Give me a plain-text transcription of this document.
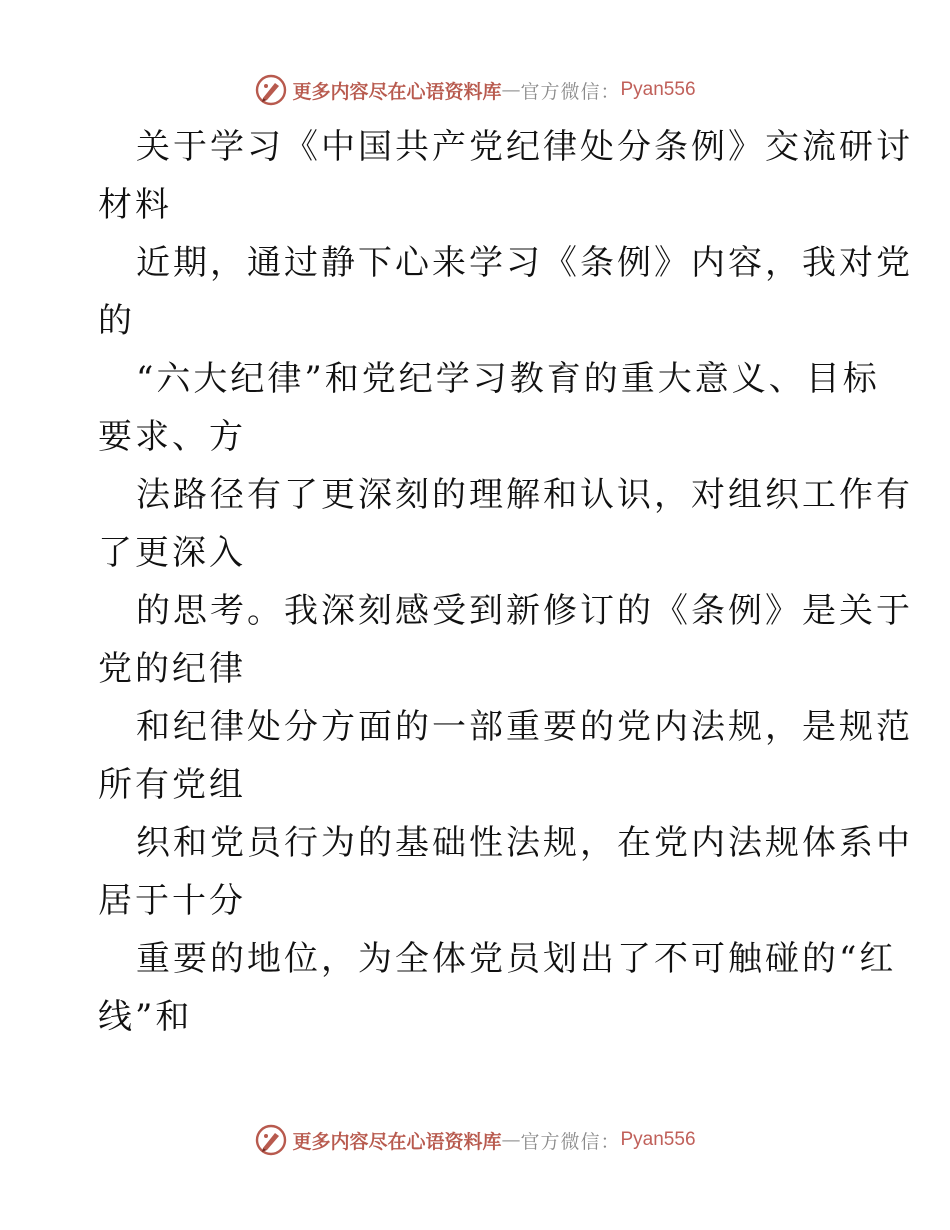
更多内容尽在心语资料库 — 官方微信： Pyan556
关于学习《中国共产党纪律处分条例》交流研讨
材料
近期，通过静下心来学习《条例》内容，我对党
的
“六大纪律”和党纪学习教育的重大意义、目标
要求、方
法路径有了更深刻的理解和认识，对组织工作有
了更深入
的思考。我深刻感受到新修订的《条例》是关于
党的纪律
和纪律处分方面的一部重要的党内法规，是规范
所有党组
织和党员行为的基础性法规，在党内法规体系中
居于十分
重要的地位，为全体党员划出了不可触碰的“红
线”和
更多内容尽在心语资料库 — 官方微信： Pyan556
